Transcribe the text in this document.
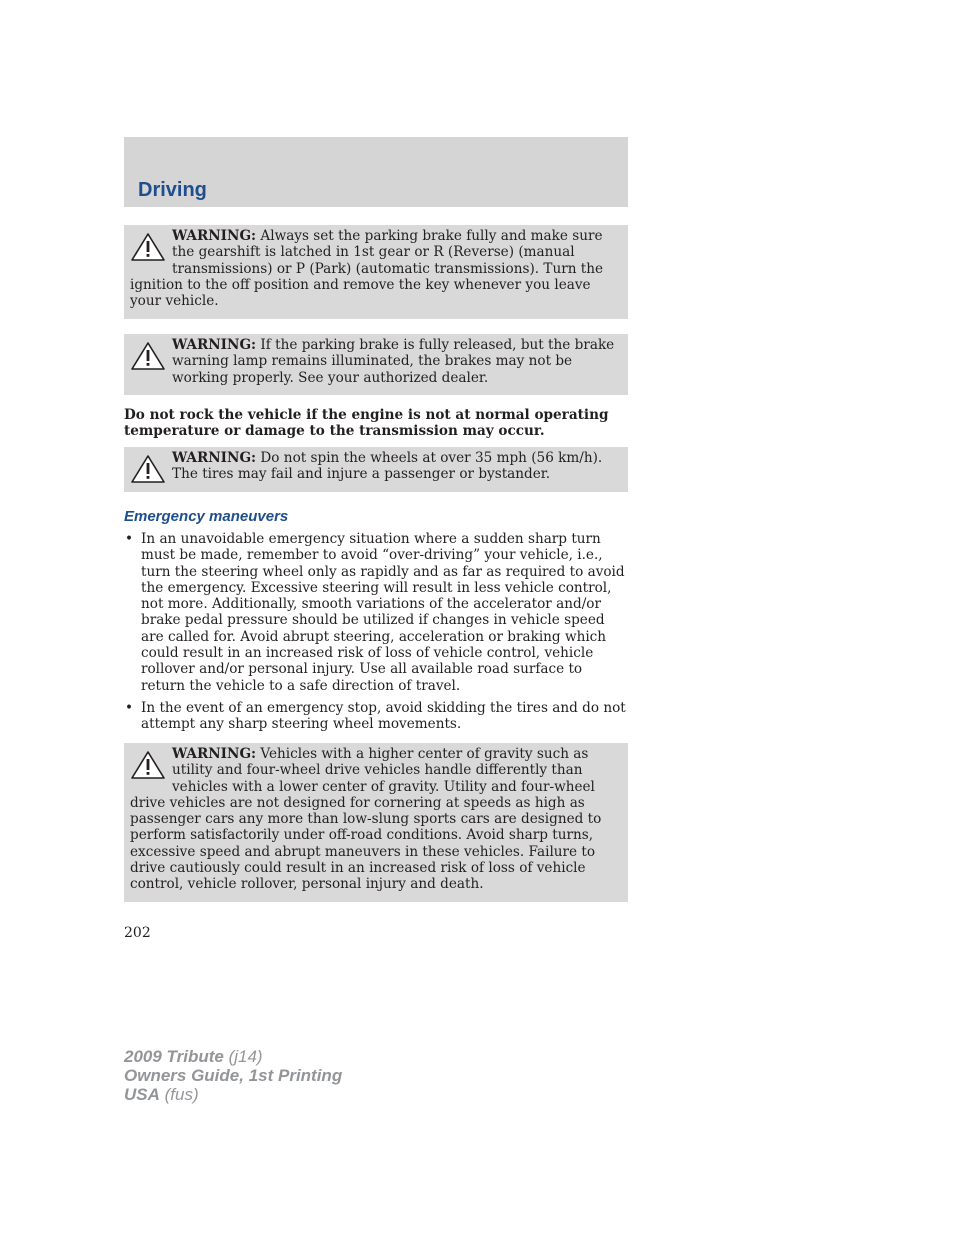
Driving
WARNING: Always set the parking brake fully and make sure the gearshift is latched in 1st gear or R (Reverse) (manual transmissions) or P (Park) (automatic transmissions). Turn the ignition to the off position and remove the key whenever you leave your vehicle.
WARNING: If the parking brake is fully released, but the brake warning lamp remains illuminated, the brakes may not be working properly. See your authorized dealer.

Do not rock the vehicle if the engine is not at normal operating temperature or damage to the transmission may occur.

WARNING: Do not spin the wheels at over 35 mph (56 km/h). The tires may fail and injure a passenger or bystander.
Emergency maneuvers
• In an unavoidable emergency situation where a sudden sharp turn must be made, remember to avoid “over-driving” your vehicle, i.e., turn the steering wheel only as rapidly and as far as required to avoid the emergency. Excessive steering will result in less vehicle control, not more. Additionally, smooth variations of the accelerator and/or brake pedal pressure should be utilized if changes in vehicle speed are called for. Avoid abrupt steering, acceleration or braking which could result in an increased risk of loss of vehicle control, vehicle rollover and/or personal injury. Use all available road surface to return the vehicle to a safe direction of travel.
• In the event of an emergency stop, avoid skidding the tires and do not attempt any sharp steering wheel movements.
WARNING: Vehicles with a higher center of gravity such as utility and four-wheel drive vehicles handle differently than vehicles with a lower center of gravity. Utility and four-wheel drive vehicles are not designed for cornering at speeds as high as passenger cars any more than low-slung sports cars are designed to perform satisfactorily under off-road conditions. Avoid sharp turns, excessive speed and abrupt maneuvers in these vehicles. Failure to drive cautiously could result in an increased risk of loss of vehicle control, vehicle rollover, personal injury and death.

202

2009 Tribute (j14)
Owners Guide, 1st Printing
USA (fus)
